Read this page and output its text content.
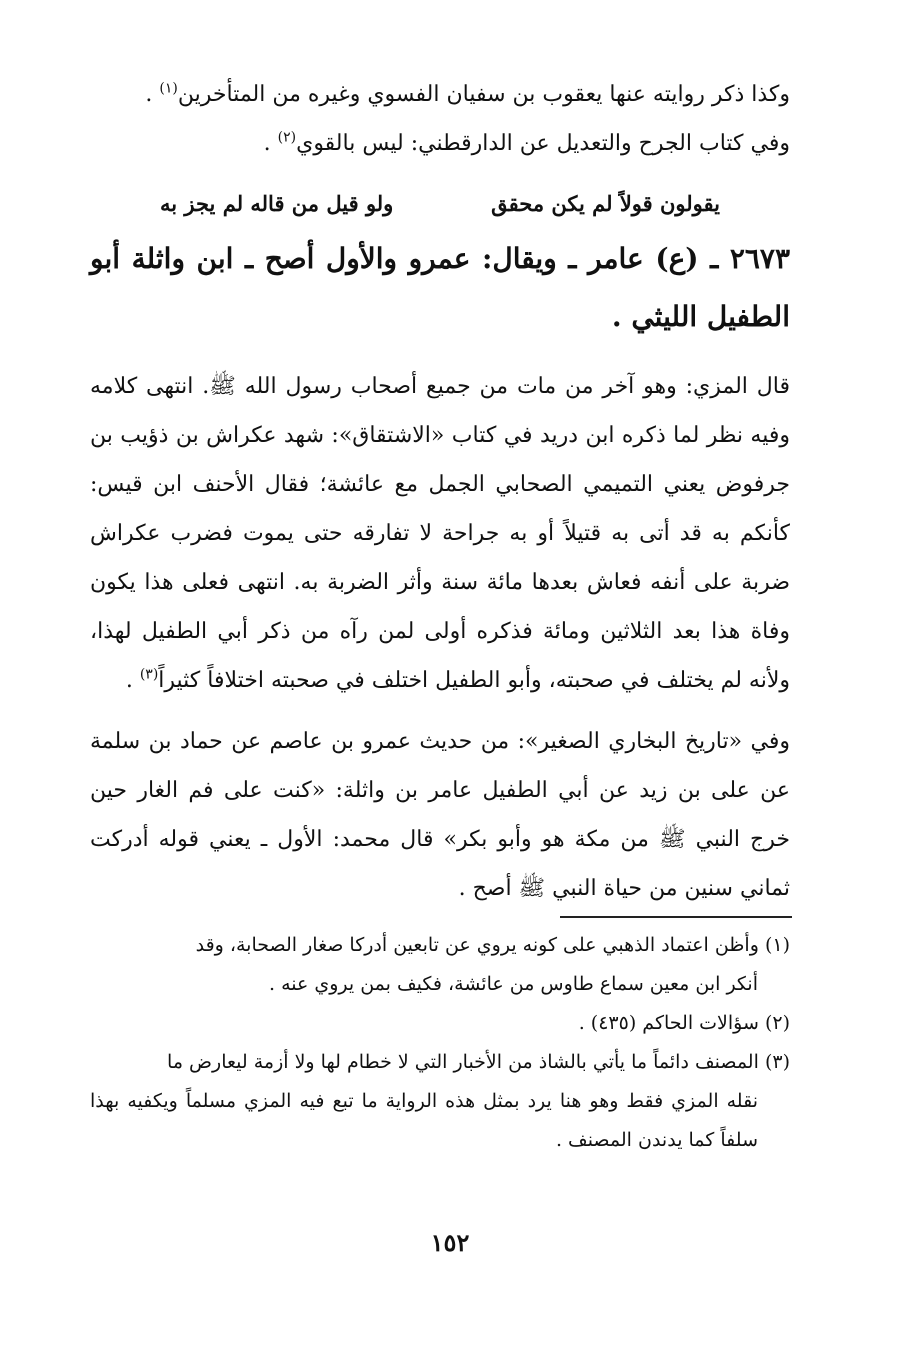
وكذا ذكر روايته عنها يعقوب بن سفيان الفسوي وغيره من المتأخرين$^{(١)}$ .

وفي كتاب الجرح والتعديل عن الدارقطني: ليس بالقوي$^{(٢)}$ .

يقولون قولاً لم يكن محقق
ولو قيل من قاله لم يجز به
٢٦٧٣ ـ (ع) عامر ـ ويقال: عمرو والأول أصح ـ ابن واثلة أبو الطفيل الليثي .

قال المزي: وهو آخر من مات من جميع أصحاب رسول الله ﷺ. انتهى كلامه وفيه نظر لما ذكره ابن دريد في كتاب «الاشتقاق»: شهد عكراش بن ذؤيب بن جرفوض يعني التميمي الصحابي الجمل مع عائشة؛ فقال الأحنف ابن قيس: كأنكم به قد أتى به قتيلاً أو به جراحة لا تفارقه حتى يموت فضرب عكراش ضربة على أنفه فعاش بعدها مائة سنة وأثر الضربة به. انتهى فعلى هذا يكون وفاة هذا بعد الثلاثين ومائة فذكره أولى لمن رآه من ذكر أبي الطفيل لهذا، ولأنه لم يختلف في صحبته، وأبو الطفيل اختلف في صحبته اختلافاً كثيراً$^{(٣)}$ .

وفي «تاريخ البخاري الصغير»: من حديث عمرو بن عاصم عن حماد بن سلمة عن على بن زيد عن أبي الطفيل عامر بن واثلة: «كنت على فم الغار حين خرج النبي ﷺ من مكة هو وأبو بكر» قال محمد: الأول ـ يعني قوله أدركت ثماني سنين من حياة النبي ﷺ أصح .

(١) وأظن اعتماد الذهبي على كونه يروي عن تابعين أدركا صغار الصحابة، وقد
أنكر ابن معين سماع طاوس من عائشة، فكيف بمن يروي عنه .

(٢) سؤالات الحاكم (٤٣٥) .

(٣) المصنف دائماً ما يأتي بالشاذ من الأخبار التي لا خطام لها ولا أزمة ليعارض ما
نقله المزي فقط وهو هنا يرد بمثل هذه الرواية ما تبع فيه المزي مسلماً ويكفيه بهذا سلفاً كما يدندن المصنف .

١٥٢
